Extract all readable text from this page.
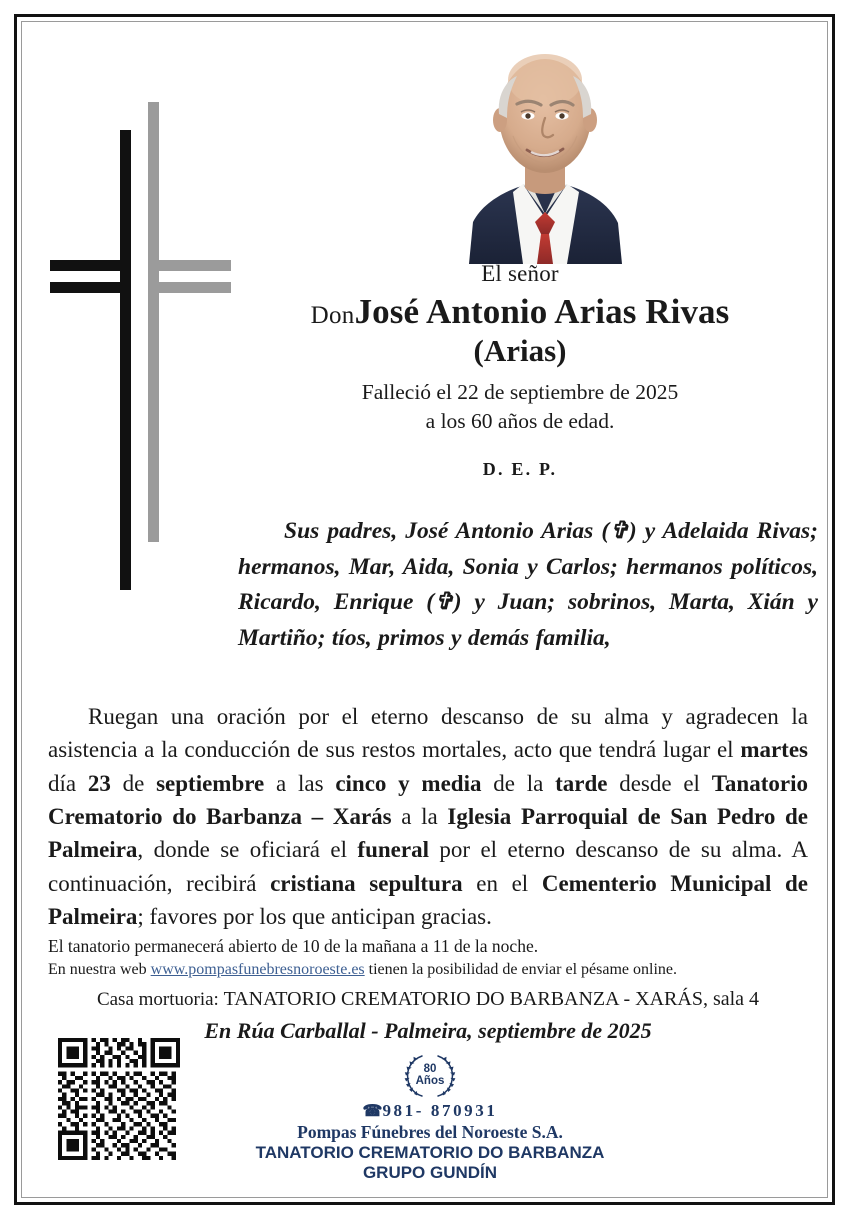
El señor
DonJosé Antonio Arias Rivas
(Arias)
Falleció el 22 de septiembre de 2025
a los 60 años de edad.
D. E. P.
Sus padres, José Antonio Arias (✞) y Adelaida Rivas; hermanos, Mar, Aida, Sonia y Carlos; hermanos políticos, Ricardo, Enrique (✞) y Juan; sobrinos, Marta, Xián y Martiño; tíos, primos y demás familia,
Ruegan una oración por el eterno descanso de su alma y agradecen la asistencia a la conducción de sus restos mortales, acto que tendrá lugar el martes día 23 de septiembre a las cinco y media de la tarde desde el Tanatorio Crematorio do Barbanza – Xarás a la Iglesia Parroquial de San Pedro de Palmeira, donde se oficiará el funeral por el eterno descanso de su alma. A continuación, recibirá cristiana sepultura en el Cementerio Municipal de Palmeira; favores por los que anticipan gracias.
El tanatorio permanecerá abierto de 10 de la mañana a 11 de la noche.
En nuestra web www.pompasfunebresnoroeste.es tienen la posibilidad de enviar el pésame online.
Casa mortuoria: TANATORIO CREMATORIO DO BARBANZA - XARÁS, sala 4
En Rúa Carballal - Palmeira, septiembre de 2025
80
Años
☎981- 870931
Pompas Fúnebres del Noroeste S.A.
TANATORIO CREMATORIO DO BARBANZA
GRUPO GUNDÍN
